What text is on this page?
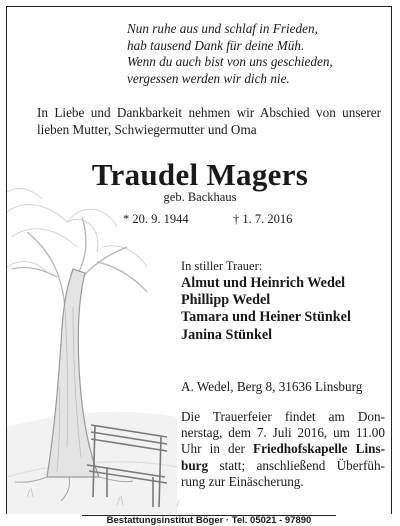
Nun ruhe aus und schlaf in Frieden,
hab tausend Dank für deine Müh.
Wenn du auch bist von uns geschieden,
vergessen werden wir dich nie.
In Liebe und Dankbarkeit nehmen wir Abschied von unserer lieben Mutter, Schwiegermutter und Oma
Traudel Magers
geb. Backhaus
* 20. 9. 1944	† 1. 7. 2016
In stiller Trauer:
Almut und Heinrich Wedel
Phillipp Wedel
Tamara und Heiner Stünkel
Janina Stünkel
A. Wedel, Berg 8, 31636 Linsburg
Die Trauerfeier findet am Don-
nerstag, dem 7. Juli 2016, um 11.00
Uhr in der Friedhofskapelle Lins-
burg statt; anschließend Überfüh-
rung zur Einäscherung.
Bestattungsinstitut Böger · Tel. 05021 - 97890
